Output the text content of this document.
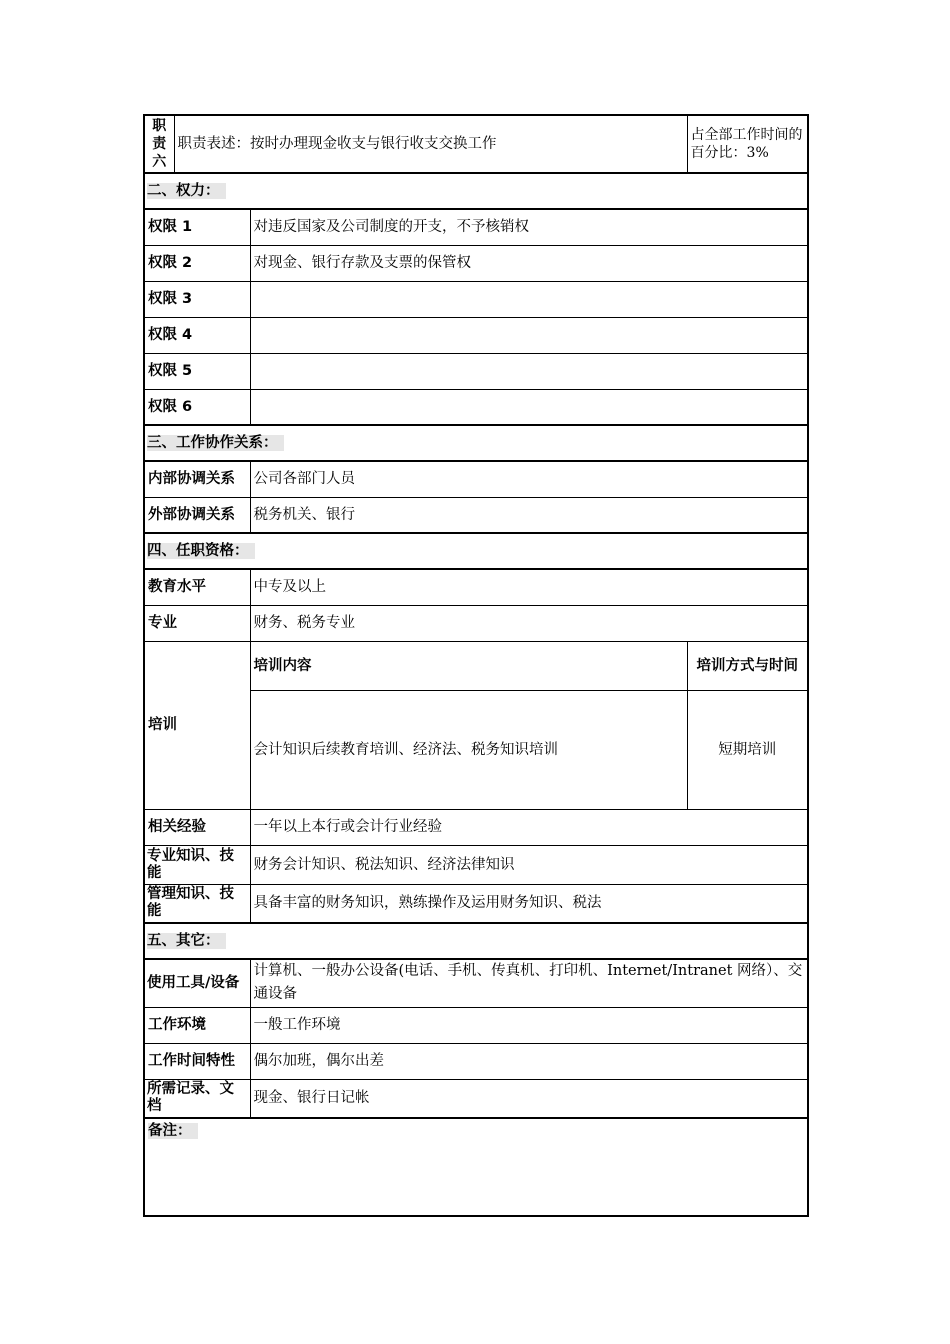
职责六	职责表述：按时办理现金收支与银行收支交换工作		占全部工作时间的百分比：3%
二、权力：			
权限 1		对违反国家及公司制度的开支，不予核销权	
权限 2		对现金、银行存款及支票的保管权	
权限 3			
权限 4			
权限 5			
权限 6			
三、工作协作关系：			
内部协调关系		公司各部门人员	
外部协调关系		税务机关、银行	
四、任职资格：			
教育水平		中专及以上	
专业		财务、税务专业	
培训		培训内容	培训方式与时间
		会计知识后续教育培训、经济法、税务知识培训	短期培训
相关经验		一年以上本行或会计行业经验	
专业知识、技能		财务会计知识、税法知识、经济法律知识	
管理知识、技能		具备丰富的财务知识，熟练操作及运用财务知识、税法	
五、其它：			
使用工具/设备		计算机、一般办公设备(电话、手机、传真机、打印机、Internet/Intranet 网络）、交通设备	
工作环境		一般工作环境	
工作时间特性		偶尔加班，偶尔出差	
所需记录、文档		现金、银行日记帐	
备注：			
